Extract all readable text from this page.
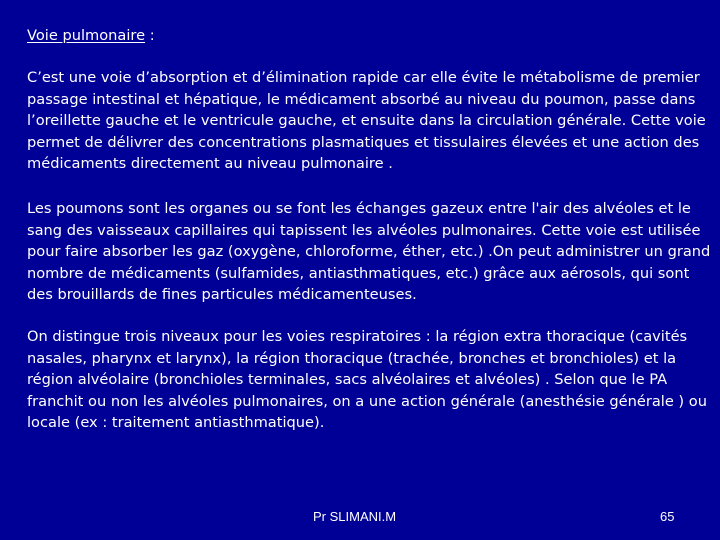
Voie pulmonaire :

C’est une voie d’absorption et d’élimination rapide car elle évite le métabolisme de premier passage intestinal et hépatique, le médicament absorbé au niveau du poumon, passe dans l’oreillette gauche et le ventricule gauche, et ensuite dans la circulation générale. Cette voie permet de délivrer des concentrations plasmatiques et tissulaires élevées et une action des médicaments directement au niveau pulmonaire .

Les poumons sont les organes ou se font les échanges gazeux entre l'air des alvéoles et le sang des vaisseaux capillaires qui tapissent les alvéoles pulmonaires. Cette voie est utilisée pour faire absorber les gaz (oxygène, chloroforme, éther, etc.) .On peut administrer un grand nombre de médicaments (sulfamides, antiasthmatiques, etc.) grâce aux aérosols, qui sont des brouillards de fines particules médicamenteuses.

On distingue trois niveaux pour les voies respiratoires : la région extra thoracique (cavités nasales, pharynx et larynx), la région thoracique (trachée, bronches et bronchioles) et la région alvéolaire (bronchioles terminales, sacs alvéolaires et alvéoles) . Selon que le PA franchit ou non les alvéoles pulmonaires, on a une action générale (anesthésie générale ) ou locale (ex : traitement antiasthmatique).

Pr SLIMANI.M	65
